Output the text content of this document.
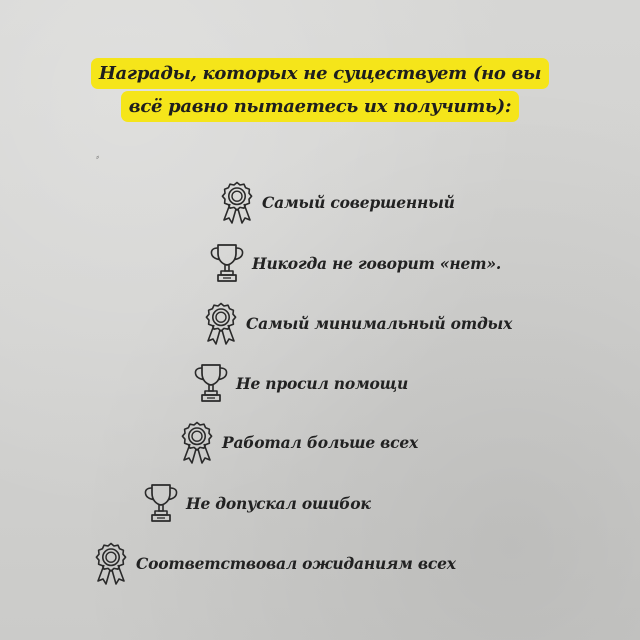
Награды, которых не существует (но вы
всё равно пытаетесь их получить):
⸗
Самый совершенный
Никогда не говорит «нет».
Самый минимальный отдых
Не просил помощи
Работал больше всех
Не допускал ошибок
Соответствовал ожиданиям всех
